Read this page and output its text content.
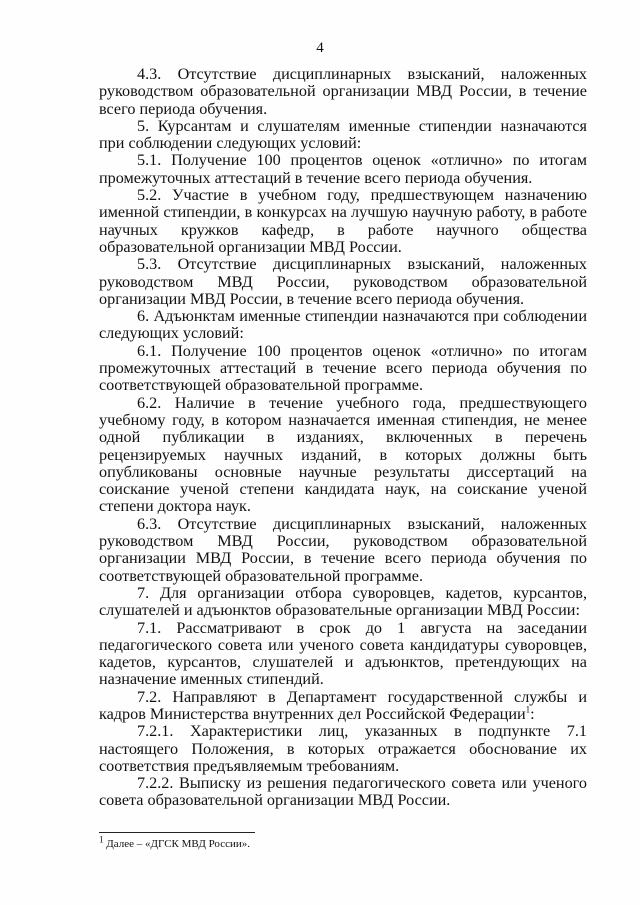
4

4.3. Отсутствие дисциплинарных взысканий, наложенных руководством образовательной организации МВД России, в течение всего периода обучения.

5. Курсантам и слушателям именные стипендии назначаются при соблюдении следующих условий:

5.1. Получение 100 процентов оценок «отлично» по итогам промежуточных аттестаций в течение всего периода обучения.

5.2. Участие в учебном году, предшествующем назначению именной стипендии, в конкурсах на лучшую научную работу, в работе научных кружков кафедр, в работе научного общества образовательной организации МВД России.

5.3. Отсутствие дисциплинарных взысканий, наложенных руководством МВД России, руководством образовательной организации МВД России, в течение всего периода обучения.

6. Адъюнктам именные стипендии назначаются при соблюдении следующих условий:

6.1. Получение 100 процентов оценок «отлично» по итогам промежуточных аттестаций в течение всего периода обучения по соответствующей образовательной программе.

6.2. Наличие в течение учебного года, предшествующего учебному году, в котором назначается именная стипендия, не менее одной публикации в изданиях, включенных в перечень рецензируемых научных изданий, в которых должны быть опубликованы основные научные результаты диссертаций на соискание ученой степени кандидата наук, на соискание ученой степени доктора наук.

6.3. Отсутствие дисциплинарных взысканий, наложенных руководством МВД России, руководством образовательной организации МВД России, в течение всего периода обучения по соответствующей образовательной программе.

7. Для организации отбора суворовцев, кадетов, курсантов, слушателей и адъюнктов образовательные организации МВД России:

7.1. Рассматривают в срок до 1 августа на заседании педагогического совета или ученого совета кандидатуры суворовцев, кадетов, курсантов, слушателей и адъюнктов, претендующих на назначение именных стипендий.

7.2. Направляют в Департамент государственной службы и кадров Министерства внутренних дел Российской Федерации$^1$:

7.2.1. Характеристики лиц, указанных в подпункте 7.1 настоящего Положения, в которых отражается обоснование их соответствия предъявляемым требованиям.

7.2.2. Выписку из решения педагогического совета или ученого совета образовательной организации МВД России.

$^1$ Далее – «ДГСК МВД России».
